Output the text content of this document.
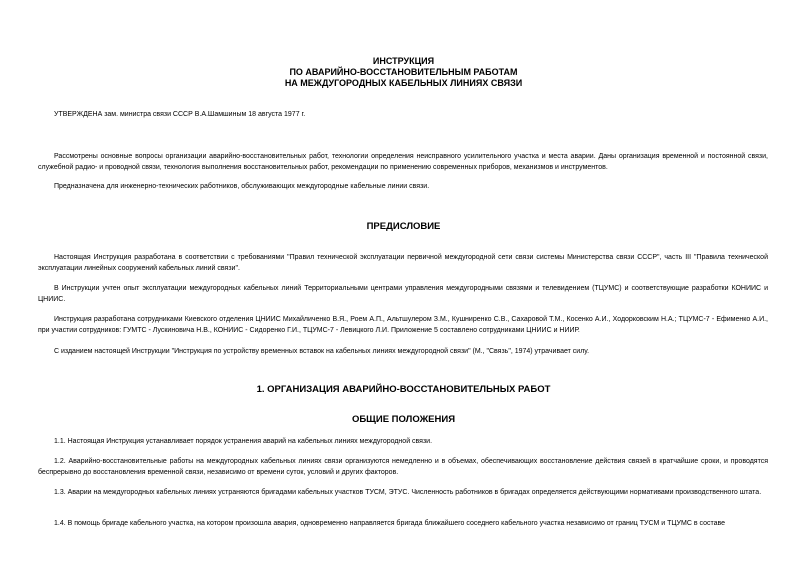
ИНСТРУКЦИЯ
ПО АВАРИЙНО-ВОССТАНОВИТЕЛЬНЫМ РАБОТАМ
НА МЕЖДУГОРОДНЫХ КАБЕЛЬНЫХ ЛИНИЯХ СВЯЗИ

УТВЕРЖДЕНА зам. министра связи СССР В.А.Шамшиным 18 августа 1977 г.

Рассмотрены основные вопросы организации аварийно-восстановительных работ, технологии определения неисправного усилительного участка и места аварии. Даны организация временной и постоянной связи, служебной радио- и проводной связи, технология выполнения восстановительных работ, рекомендации по применению современных приборов, механизмов и инструментов.

Предназначена для инженерно-технических работников, обслуживающих междугородные кабельные линии связи.

ПРЕДИСЛОВИЕ

Настоящая Инструкция разработана в соответствии с требованиями "Правил технической эксплуатации первичной междугородной сети связи системы Министерства связи СССР", часть III "Правила технической эксплуатации линейных сооружений кабельных линий связи".

В Инструкции учтен опыт эксплуатации междугородных кабельных линий Территориальными центрами управления междугородными связями и телевидением (ТЦУМС) и соответствующие разработки КОНИИС и ЦНИИС.

Инструкция разработана сотрудниками Киевского отделения ЦНИИС Михайличенко В.Я., Роем А.П., Альтшулером З.М., Кушниренко С.В., Сахаровой Т.М., Косенко А.И., Ходорковским Н.А.; ТЦУМС-7 - Ефименко А.И., при участии сотрудников: ГУМТС - Лускиновича Н.В., КОНИИС - Сидоренко Г.И., ТЦУМС-7 - Левицкого Л.И. Приложение 5 составлено сотрудниками ЦНИИС и НИИР.

С изданием настоящей Инструкции "Инструкция по устройству временных вставок на кабельных линиях междугородной связи" (М., "Связь", 1974) утрачивает силу.

1. ОРГАНИЗАЦИЯ АВАРИЙНО-ВОССТАНОВИТЕЛЬНЫХ РАБОТ
ОБЩИЕ ПОЛОЖЕНИЯ

1.1. Настоящая Инструкция устанавливает порядок устранения аварий на кабельных линиях междугородной связи.

1.2. Аварийно-восстановительные работы на междугородных кабельных линиях связи организуются немедленно и в объемах, обеспечивающих восстановление действия связей в кратчайшие сроки, и проводятся беспрерывно до восстановления временной связи, независимо от времени суток, условий и других факторов.

1.3. Аварии на междугородных кабельных линиях устраняются бригадами кабельных участков ТУСМ, ЭТУС. Численность работников в бригадах определяется действующими нормативами производственного штата.

1.4. В помощь бригаде кабельного участка, на котором произошла авария, одновременно направляется бригада ближайшего соседнего кабельного участка независимо от границ ТУСМ и ТЦУМС в составе
